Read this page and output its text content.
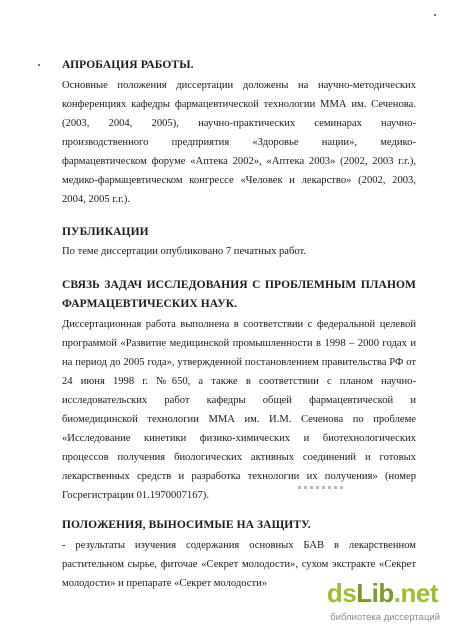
АПРОБАЦИЯ РАБОТЫ.
Основные положения диссертации доложены на научно-методических
конференциях кафедры фармацевтической технологии ММА им. Сеченова.
(2003, 2004, 2005), научно-практических семинарах научно-
производственного предприятия «Здоровье нации», медико-
фармацевтическом форуме «Аптека 2002», «Аптека 2003» (2002, 2003 г.г.),
медико-фармацевтическом конгрессе «Человек и лекарство» (2002, 2003,
2004, 2005 г.г.).
ПУБЛИКАЦИИ
По теме диссертации опубликовано 7 печатных работ.
СВЯЗЬ ЗАДАЧ ИССЛЕДОВАНИЯ С ПРОБЛЕМНЫМ ПЛАНОМ
ФАРМАЦЕВТИЧЕСКИХ НАУК.
Диссертационная работа выполнена в соответствии с федеральной целевой
программой «Развитие медицинской промышленности в 1998 – 2000 годах и
на период до 2005 года», утвержденной постановлением правительства РФ от
24 июня 1998 г. №650, а также в соответствии с планом научно-
исследовательских работ кафедры общей фармацевтической и
биомедицинской технологии ММА им. И.М. Сеченова по проблеме
«Исследование кинетики физико-химических и биотехнологических
процессов получения биологических активных соединений и готовых
лекарственных средств и разработка технологии их получения» (номер
Госрегистрации 01.1970007167).
ПОЛОЖЕНИЯ, ВЫНОСИМЫЕ НА ЗАЩИТУ.
- результаты изучения содержания основных БАВ в лекарственном
растительном сырье, фиточае «Секрет молодости», сухом экстракте «Секрет
молодости» и препарате «Секрет молодости»	dsLib.net
библиотека диссертаций
